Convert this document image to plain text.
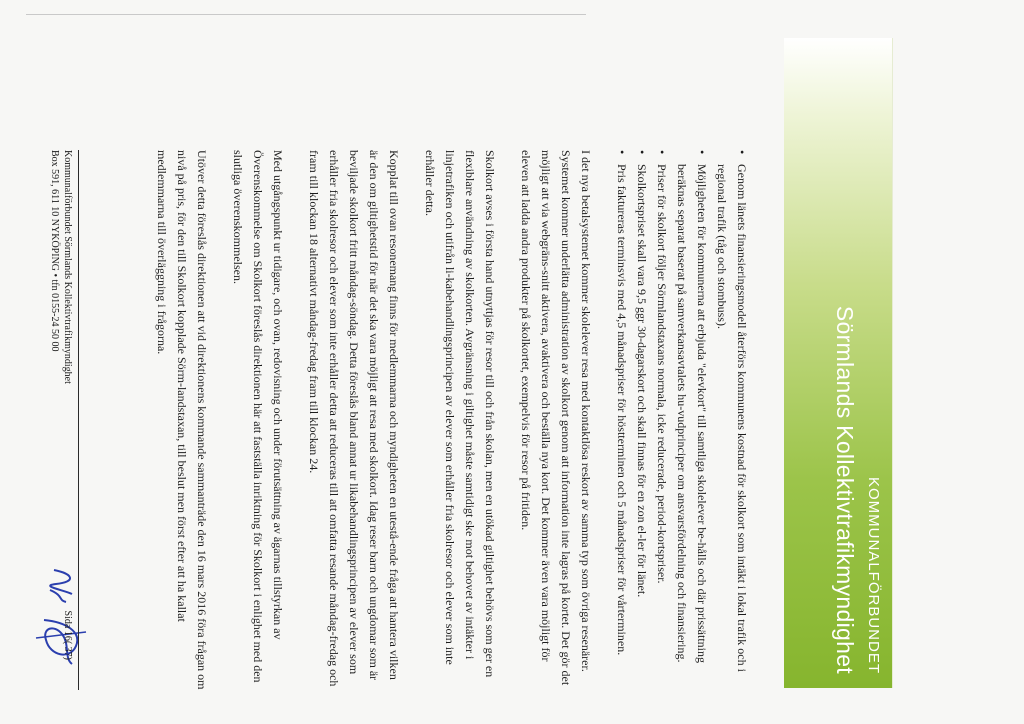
KOMMUNALFÖRBUNDET
Sörmlands Kollektivtrafikmyndighet
• Genom länets finansieringsmodell återförs kommunens kostnad för skolkort som intäkt i lokal trafik och i regional trafik (tåg och stombuss).
• Möjligheten för kommunerna att erbjuda "elevkort" till samtliga skolelever be-hålls och där prissättning beräknas separat baserat på samverkansavtalets hu-vudprinciper om ansvarsfördelning och finansiering.
• Priser för skolkort följer Sörmlandstaxans normala, icke reducerade, period-kortspriser.
• Skolkortspriset skall vara 9,5 ggr 30-dagarskort och skall finnas för en zon el-ler för länet.
• Pris faktureras terminsvis med 4,5 månadspriser för höstterminen och 5 månadspriser för vårterminen.

I det nya betalsystemet kommer skolelever resa med kontaktlösa reskort av samma typ som övriga resenärer. Systemet kommer underlätta administration av skolkort genom att information inte lagras på kortet. Det gör det möjligt att via webgräns-snitt aktivera, avaktivera och beställa nya kort. Det kommer även vara möjligt för eleven att ladda andra produkter på skolkortet, exempelvis för resor på fritiden.

Skolkort avses i första hand utnyttjas för resor till och från skolan, men en utökad giltighet behövs som ger en flexiblare användning av skolkorten. Avgränsning i giltighet måste samtidigt ske mot behovet av intäkter i linjetrafiken och utifrån li-kabehandlingsprincipen av elever som erhåller fria skolresor och elever som inte erhåller detta.

Kopplat till ovan resonemang finns för medlemmarna och myndigheten en utestå-ende fråga att hantera vilken är den om giltighetstid för när det ska vara möjligt att resa med skolkort. Idag reser barn och ungdomar som är beviljade skolkort fritt måndag-söndag. Detta föreslås bland annat ur likabehandlingsprincipen av elever som erhåller fria skolresor och elever som inte erhåller detta att reduceras till att omfatta resande måndag-fredag och fram till klockan 18 alternativt måndag-fredag fram till klockan 24.

Med utgångspunkt ur tidigare, och ovan, redovisning och under förutsättning av ägarnas tillstyrkan av Överenskommelse om Skolkort föreslås direktionen här att fastställa inriktning för Skolkort i enlighet med den slutliga överenskommelsen.

Utöver detta föreslås direktionen att vid direktionens kommande sammanträde den 16 mars 2016 föra frågan om nivå på pris, för den till Skolkort kopplade Sörm-landstaxan, till beslut men först efter att ha kallat medlemmarna till överläggning i frågorna.

Kommunalförbundet Sörmlands Kollektivtrafikmyndighet
Box 591, 611 10 NYKÖPING • tfn 0155-24 50 00
Sida 16( 37)
